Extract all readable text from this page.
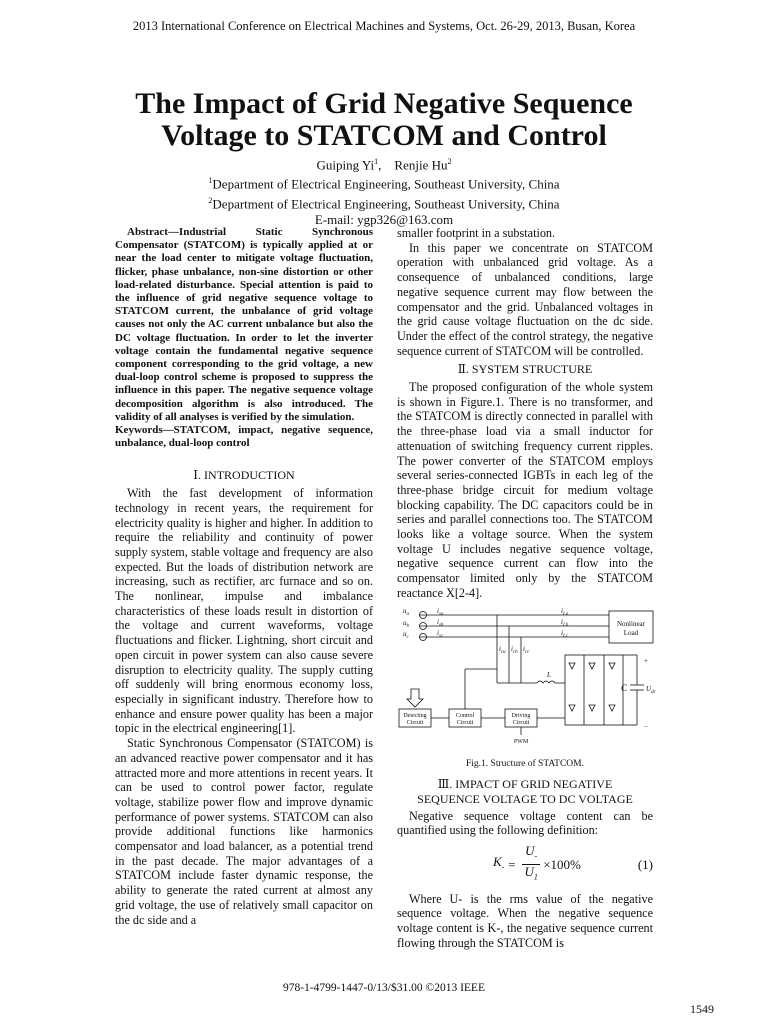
2013 International Conference on Electrical Machines and Systems, Oct. 26-29, 2013, Busan, Korea
The Impact of Grid Negative Sequence
Voltage to STATCOM and Control
Guiping Yi$^1$,    Renjie Hu$^2$
$^1$Department of Electrical Engineering, Southeast University, China
$^2$Department of Electrical Engineering, Southeast University, China
E-mail: ygp326@163.com

Abstract—Industrial Static Synchronous Compensator (STATCOM) is typically applied at or near the load center to mitigate voltage fluctuation, flicker, phase unbalance, non-sine distortion or other load-related disturbance. Special attention is paid to the influence of grid negative sequence voltage to STATCOM current, the unbalance of grid voltage causes not only the AC current unbalance but also the DC voltage fluctuation. In order to let the inverter voltage contain the fundamental negative sequence component corresponding to the grid voltage, a new dual-loop control scheme is proposed to suppress the influence in this paper. The negative sequence voltage decomposition algorithm is also introduced. The validity of all analyses is verified by the simulation.

Keywords—STATCOM, impact, negative sequence, unbalance, dual-loop control

Ⅰ. INTRODUCTION

With the fast development of information technology in recent years, the requirement for electricity quality is higher and higher. In addition to require the reliability and continuity of power supply system, stable voltage and frequency are also expected. But the loads of distribution network are increasing, such as rectifier, arc furnace and so on. The nonlinear, impulse and imbalance characteristics of these loads result in distortion of the voltage and current waveforms, voltage fluctuations and flicker. Lightning, short circuit and open circuit in power system can also cause severe disruption to electricity quality. The supply cutting off suddenly will bring enormous economy loss, especially in significant industry. Therefore how to enhance and ensure power quality has been a major topic in the electrical engineering[1].

Static Synchronous Compensator (STATCOM) is an advanced reactive power compensator and it has attracted more and more attentions in recent years. It can be used to control power factor, regulate voltage, stabilize power flow and improve dynamic performance of power systems. STATCOM can also provide additional functions like harmonics compensator and load balancer, as a potential trend in the past decade. The major advantages of a STATCOM include faster dynamic response, the ability to generate the rated current at almost any grid voltage, the use of relatively small capacitor on the dc side and a

smaller footprint in a substation.

In this paper we concentrate on STATCOM operation with unbalanced grid voltage. As a consequence of unbalanced conditions, large negative sequence current may flow between the compensator and the grid. Unbalanced voltages in the grid cause voltage fluctuation on the dc side. Under the effect of the control strategy, the negative sequence current of STATCOM will be controlled.

Ⅱ. SYSTEM STRUCTURE

The proposed configuration of the whole system is shown in Figure.1. There is no transformer, and the STATCOM is directly connected in parallel with the three-phase load via a small inductor for attenuation of switching frequency current ripples. The power converter of the STATCOM employs several series-connected IGBTs in each leg of the three-phase bridge circuit for medium voltage blocking capability. The DC capacitors could be in series and parallel connections too. The STATCOM looks like a voltage source. When the system voltage U includes negative sequence voltage, negative sequence current can flow into the compensator limited only by the STATCOM reactance X[2-4].

$u_a$
$u_b$
$u_c$
$i_{sa}$
$i_{sb}$
$i_{sc}$
$i_{La}$
$i_{Lb}$
$i_{Lc}$
$i_{ca}$ $i_{cb}$ $i_{cc}$
L
C	$U_{dc}$
+
−
Nonlinear
Load
Detecting
Circuit
Control
Circuit
Driving
Circuit
PWM
Fig.1. Structure of STATCOM.
Ⅲ. IMPACT OF GRID NEGATIVE
SEQUENCE VOLTAGE TO DC VOLTAGE

Negative sequence voltage content can be quantified using the following definition:

$K_- = \frac{U_-}{U_1} \times 100\%$	(1)

Where U- is the rms value of the negative sequence voltage. When the negative sequence voltage content is K-, the negative sequence current flowing through the STATCOM is

978-1-4799-1447-0/13/$31.00 ©2013 IEEE
1549
